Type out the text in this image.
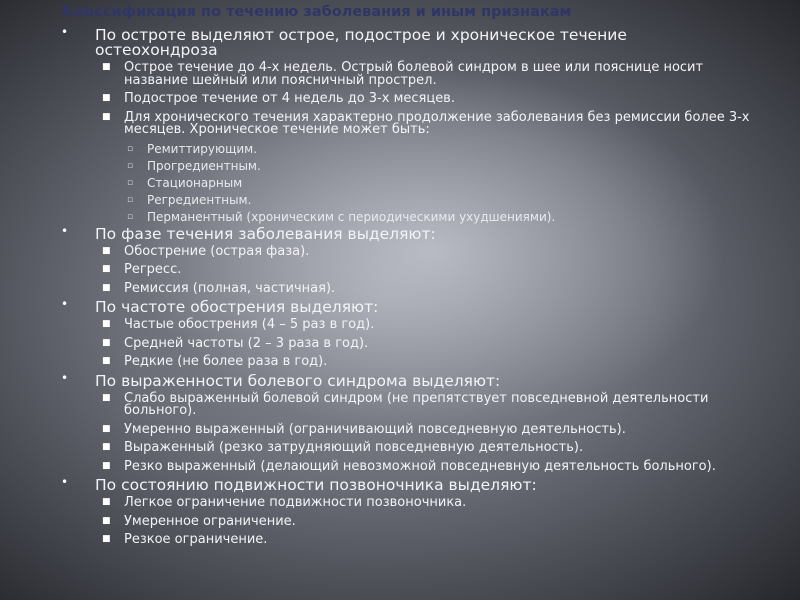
Классификация по течению заболевания и иным признакам
• По остроте выделяют острое, подострое и хроническое течение остеохондроза
■ Острое течение до 4-х недель. Острый болевой синдром в шее или пояснице носит название шейный или поясничный прострел.
■ Подострое течение от 4 недель до 3-х месяцев.
■ Для хронического течения характерно продолжение заболевания без ремиссии более 3-х месяцев. Хроническое течение может быть:
▫ Ремиттирующим.
▫ Прогредиентным.
▫ Стационарным
▫ Регредиентным.
▫ Перманентный (хроническим с периодическими ухудшениями).
• По фазе течения заболевания выделяют:
■ Обострение (острая фаза).
■ Регресс.
■ Ремиссия (полная, частичная).
• По частоте обострения выделяют:
■ Частые обострения (4 – 5 раз в год).
■ Средней частоты (2 – 3 раза в год).
■ Редкие (не более раза в год).
• По выраженности болевого синдрома выделяют:
■ Слабо выраженный болевой синдром (не препятствует повседневной деятельности больного).
■ Умеренно выраженный (ограничивающий повседневную деятельность).
■ Выраженный (резко затрудняющий повседневную деятельность).
■ Резко выраженный (делающий невозможной повседневную деятельность больного).
• По состоянию подвижности позвоночника выделяют:
■ Легкое ограничение подвижности позвоночника.
■ Умеренное ограничение.
■ Резкое ограничение.
